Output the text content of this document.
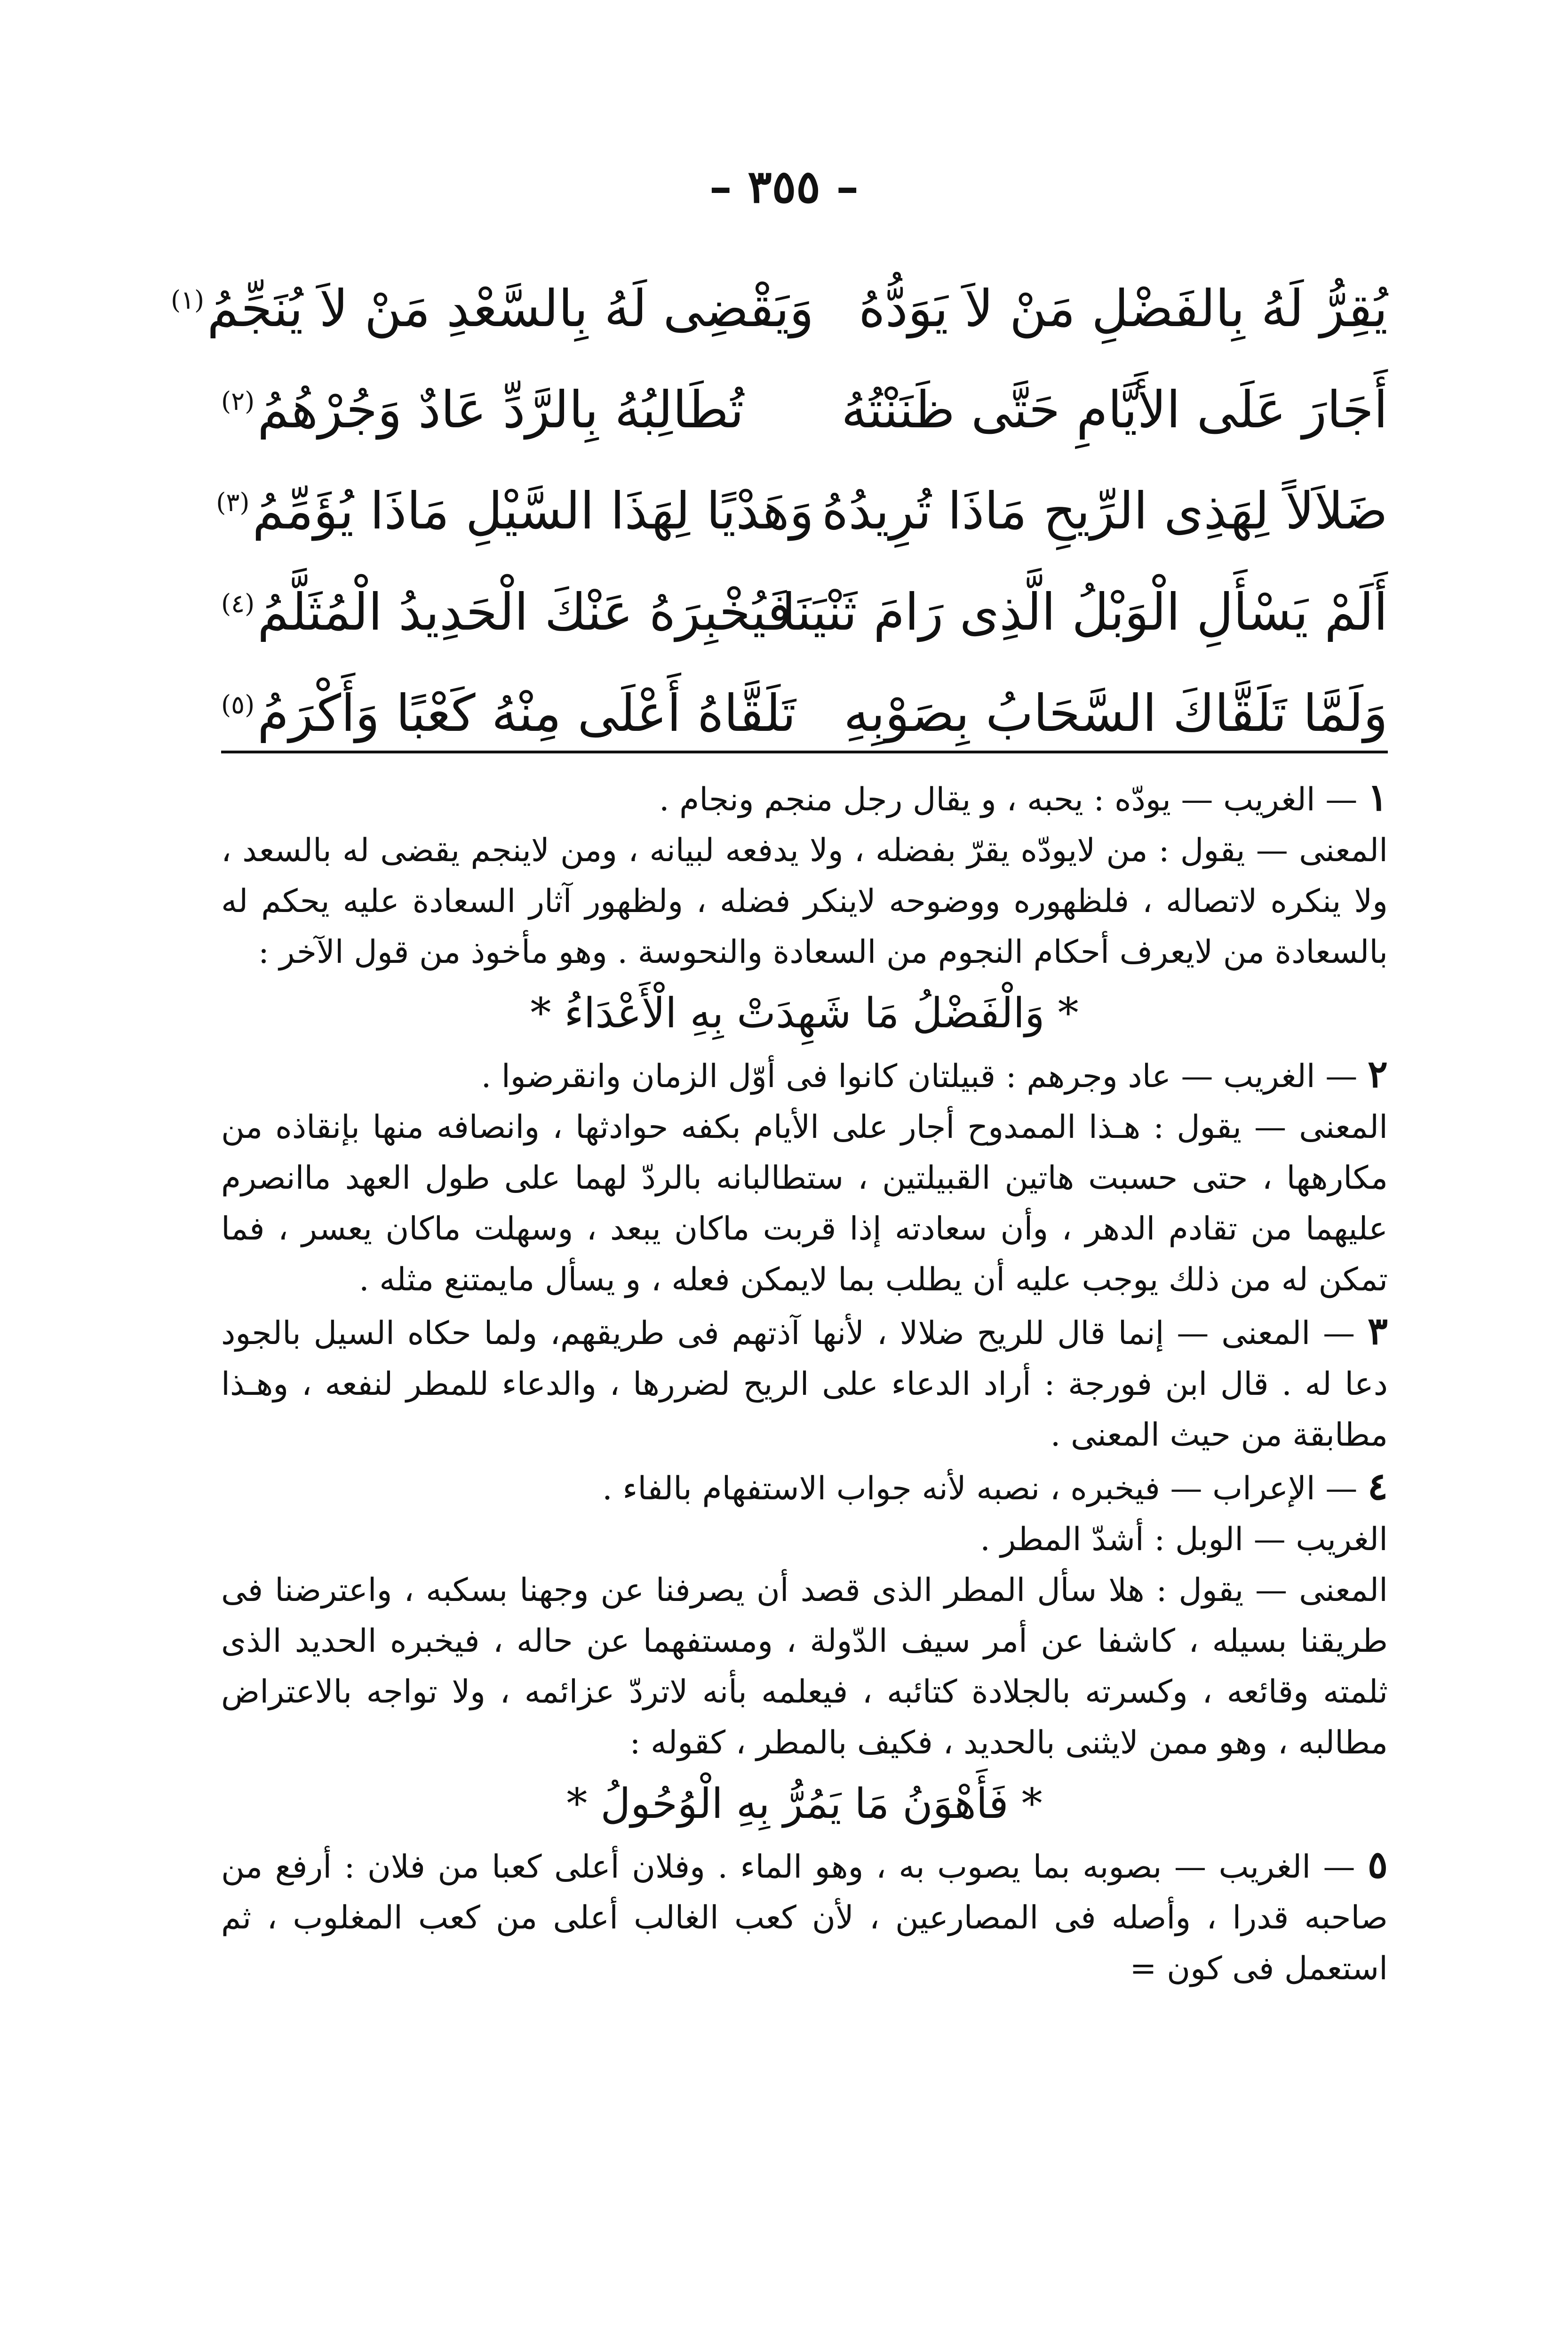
– ٣٥٥ –
يُقِرُّ لَهُ بِالفَضْلِ مَنْ لاَ يَوَدُّهُ
وَيَقْضِى لَهُ بِالسَّعْدِ مَنْ لاَ يُنَجِّمُ$^{(١)}$
أَجَارَ عَلَى الأَيَّامِ حَتَّى ظَنَنْتُهُ
تُطَالِبُهُ بِالرَّدِّ عَادٌ وَجُرْهُمُ$^{(٢)}$
ضَلاَلاً لِهَذِى الرِّيحِ مَاذَا تُرِيدُهُ
وَهَدْيًا لِهَذَا السَّيْلِ مَاذَا يُؤَمِّمُ$^{(٣)}$
أَلَمْ يَسْأَلِ الْوَبْلُ الَّذِى رَامَ ثَنْيَنَا
فَيُخْبِرَهُ عَنْكَ الْحَدِيدُ الْمُثَلَّمُ$^{(٤)}$
وَلَمَّا تَلَقَّاكَ السَّحَابُ بِصَوْبِهِ
تَلَقَّاهُ أَعْلَى مِنْهُ كَعْبًا وَأَكْرَمُ$^{(٥)}$

١ — الغريب — يودّه : يحبه ، و يقال رجل منجم ونجام .

المعنى — يقول : من لايودّه يقرّ بفضله ، ولا يدفعه لبيانه ، ومن لاينجم يقضى له بالسعد ، ولا ينكره لاتصاله ، فلظهوره ووضوحه لاينكر فضله ، ولظهور آثار السعادة عليه يحكم له بالسعادة من لايعرف أحكام النجوم من السعادة والنحوسة . وهو مأخوذ من قول الآخر :

* وَالْفَضْلُ مَا شَهِدَتْ بِهِ الْأَعْدَاءُ *

٢ — الغريب — عاد وجرهم : قبيلتان كانوا فى أوّل الزمان وانقرضوا .

المعنى — يقول : هـذا الممدوح أجار على الأيام بكفه حوادثها ، وانصافه منها بإنقاذه من مكارهها ، حتى حسبت هاتين القبيلتين ، ستطالبانه بالردّ لهما على طول العهد ماانصرم عليهما من تقادم الدهر ، وأن سعادته إذا قربت ماكان يبعد ، وسهلت ماكان يعسر ، فما تمكن له من ذلك يوجب عليه أن يطلب بما لايمكن فعله ، و يسأل مايمتنع مثله .

٣ — المعنى — إنما قال للريح ضلالا ، لأنها آذتهم فى طريقهم، ولما حكاه السيل بالجود دعا له . قال ابن فورجة : أراد الدعاء على الريح لضررها ، والدعاء للمطر لنفعه ، وهـذا مطابقة من حيث المعنى .

٤ — الإعراب — فيخبره ، نصبه لأنه جواب الاستفهام بالفاء .

الغريب — الوبل : أشدّ المطر .

المعنى — يقول : هلا سأل المطر الذى قصد أن يصرفنا عن وجهنا بسكبه ، واعترضنا فى طريقنا بسيله ، كاشفا عن أمر سيف الدّولة ، ومستفهما عن حاله ، فيخبره الحديد الذى ثلمته وقائعه ، وكسرته بالجلادة كتائبه ، فيعلمه بأنه لاتردّ عزائمه ، ولا تواجه بالاعتراض مطالبه ، وهو ممن لايثنى بالحديد ، فكيف بالمطر ، كقوله :

* فَأَهْوَنُ مَا يَمُرُّ بِهِ الْوُحُولُ *

٥ — الغريب — بصوبه بما يصوب به ، وهو الماء . وفلان أعلى كعبا من فلان : أرفع من صاحبه قدرا ، وأصله فى المصارعين ، لأن كعب الغالب أعلى من كعب المغلوب ، ثم استعمل فى كون =
